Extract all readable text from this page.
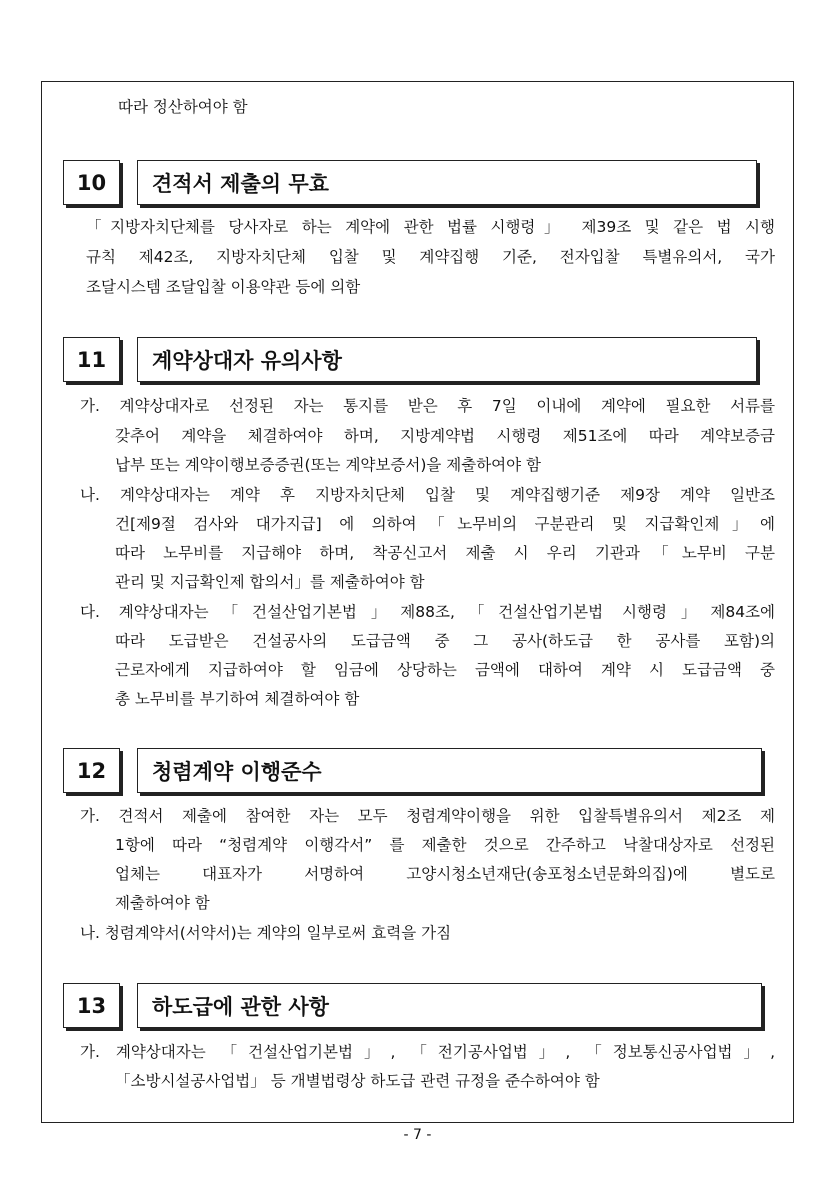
따라 정산하여야 함
10	견적서 제출의 무효
「지방자치단체를 당사자로 하는 계약에 관한 법률 시행령」 제39조 및 같은 법 시행
규칙 제42조, 지방자치단체 입찰 및 계약집행 기준, 전자입찰 특별유의서, 국가
조달시스템 조달입찰 이용약관 등에 의함
11	계약상대자 유의사항
가. 계약상대자로 선정된 자는 통지를 받은 후 7일 이내에 계약에 필요한 서류를
갖추어 계약을 체결하여야 하며, 지방계약법 시행령 제51조에 따라 계약보증금
납부 또는 계약이행보증증권(또는 계약보증서)을 제출하여야 함
나. 계약상대자는 계약 후 지방자치단체 입찰 및 계약집행기준 제9장 계약 일반조
건[제9절 검사와 대가지급] 에 의하여「노무비의 구분관리 및 지급확인제」에
따라 노무비를 지급해야 하며, 착공신고서 제출 시 우리 기관과「노무비 구분
관리 및 지급확인제 합의서」를 제출하여야 함
다. 계약상대자는「건설산업기본법」제88조,「건설산업기본법 시행령」제84조에
따라 도급받은 건설공사의 도급금액 중 그 공사(하도급 한 공사를 포함)의
근로자에게 지급하여야 할 임금에 상당하는 금액에 대하여 계약 시 도급금액 중
총 노무비를 부기하여 체결하여야 함
12	청렴계약 이행준수
가. 견적서 제출에 참여한 자는 모두 청렴계약이행을 위한 입찰특별유의서 제2조 제
1항에 따라 “청렴계약 이행각서” 를 제출한 것으로 간주하고 낙찰대상자로 선정된
업체는 대표자가 서명하여 고양시청소년재단(송포청소년문화의집)에 별도로
제출하여야 함
나. 청렴계약서(서약서)는 계약의 일부로써 효력을 가짐
13	하도급에 관한 사항
가. 계약상대자는 「건설산업기본법」, 「전기공사업법」, 「정보통신공사업법」,
「소방시설공사업법」 등 개별법령상 하도급 관련 규정을 준수하여야 함
- 7 -
